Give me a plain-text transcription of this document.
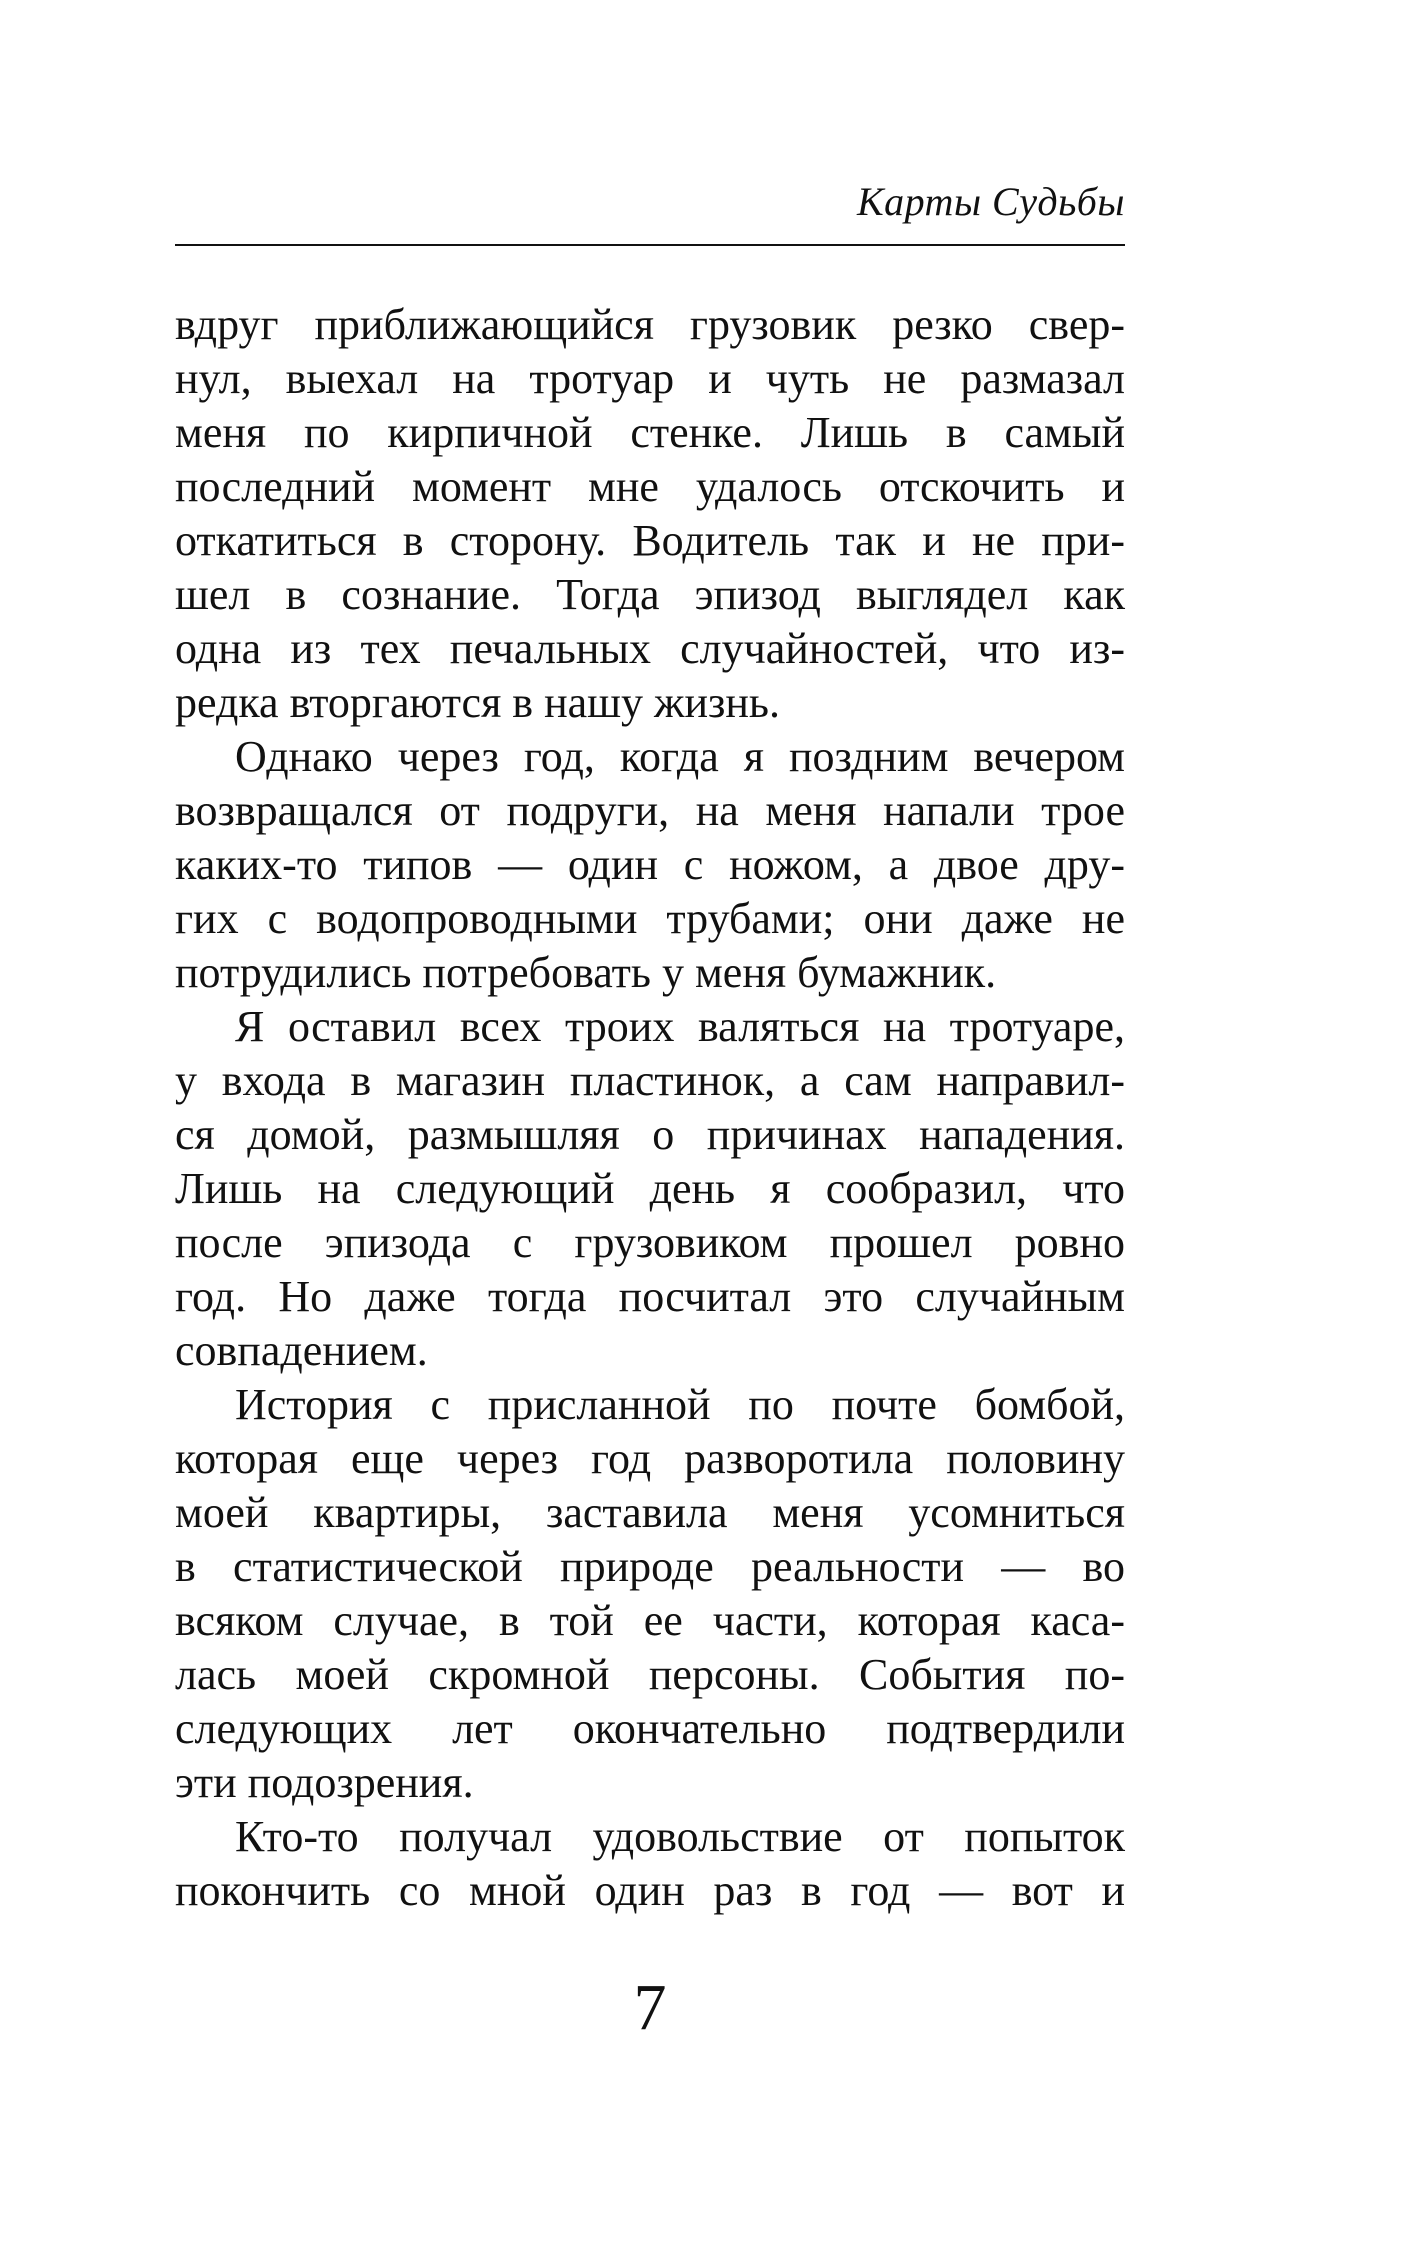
Карты Судьбы
вдруг приближающийся грузовик резко свер-
нул, выехал на тротуар и чуть не размазал
меня по кирпичной стенке. Лишь в самый
последний момент мне удалось отскочить и
откатиться в сторону. Водитель так и не при-
шел в сознание. Тогда эпизод выглядел как
одна из тех печальных случайностей, что из-
редка вторгаются в нашу жизнь.
Однако через год, когда я поздним вечером
возвращался от подруги, на меня напали трое
каких-то типов — один с ножом, а двое дру-
гих с водопроводными трубами; они даже не
потрудились потребовать у меня бумажник.
Я оставил всех троих валяться на тротуаре,
у входа в магазин пластинок, а сам направил-
ся домой, размышляя о причинах нападения.
Лишь на следующий день я сообразил, что
после эпизода с грузовиком прошел ровно
год. Но даже тогда посчитал это случайным
совпадением.
История с присланной по почте бомбой,
которая еще через год разворотила половину
моей квартиры, заставила меня усомниться
в статистической природе реальности — во
всяком случае, в той ее части, которая каса-
лась моей скромной персоны. События по-
следующих лет окончательно подтвердили
эти подозрения.
Кто-то получал удовольствие от попыток
покончить со мной один раз в год — вот и
7
